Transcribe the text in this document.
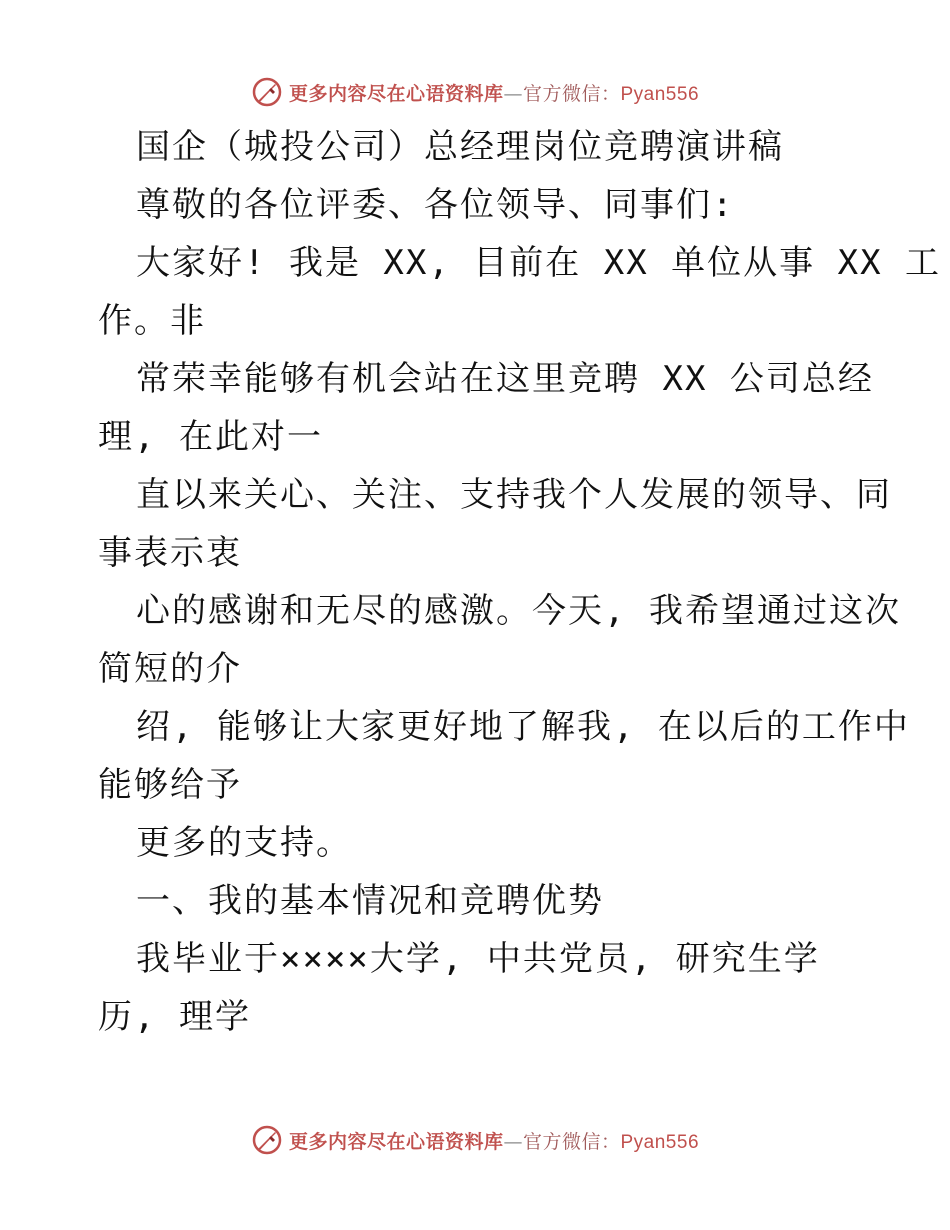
更多内容尽在心语资料库—官方微信：Pyan556
国企（城投公司）总经理岗位竞聘演讲稿
尊敬的各位评委、各位领导、同事们:
大家好! 我是 XX, 目前在 XX 单位从事 XX 工
作。非
常荣幸能够有机会站在这里竞聘 XX 公司总经
理, 在此对一
直以来关心、关注、支持我个人发展的领导、同
事表示衷
心的感谢和无尽的感激。今天, 我希望通过这次
简短的介
绍, 能够让大家更好地了解我, 在以后的工作中
能够给予
更多的支持。
一、我的基本情况和竞聘优势
我毕业于××××大学, 中共党员, 研究生学
历, 理学
更多内容尽在心语资料库—官方微信：Pyan556
